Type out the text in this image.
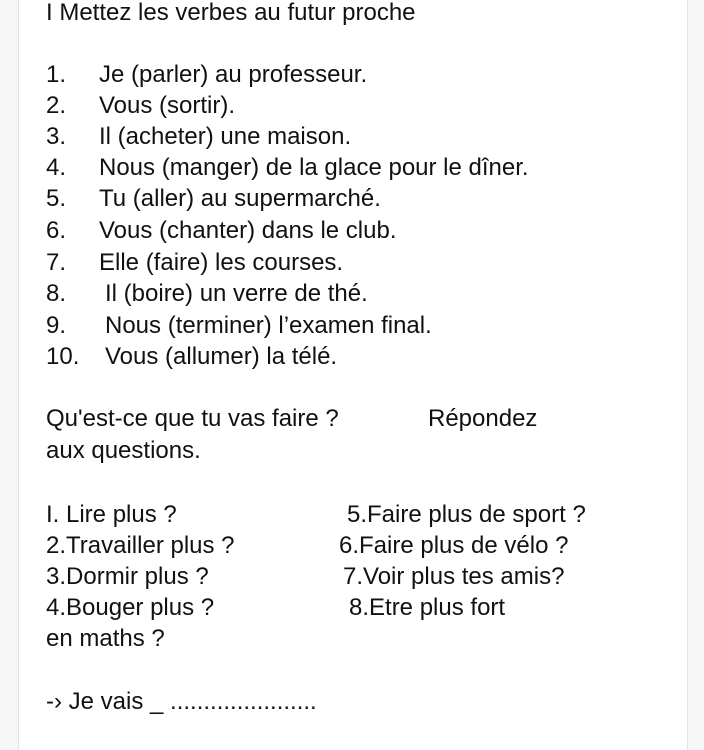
I Mettez les verbes au futur proche
1. Je (parler) au professeur.
2. Vous (sortir).
3. Il (acheter) une maison.
4. Nous (manger) de la glace pour le dîner.
5. Tu (aller) au supermarché.
6. Vous (chanter) dans le club.
7. Elle (faire) les courses.
8. Il (boire) un verre de thé.
9. Nous (terminer) l’examen final.
10. Vous (allumer) la télé.
Qu'est-ce que tu vas faire ?	Répondez
aux questions.
I. Lire plus ?	5.Faire plus de sport ?
2.Travailler plus ?	6.Faire plus de vélo ?
3.Dormir plus ?	7.Voir plus tes amis?
4.Bouger plus ?	8.Etre plus fort
en maths ?
-› Je vais _ ......................
